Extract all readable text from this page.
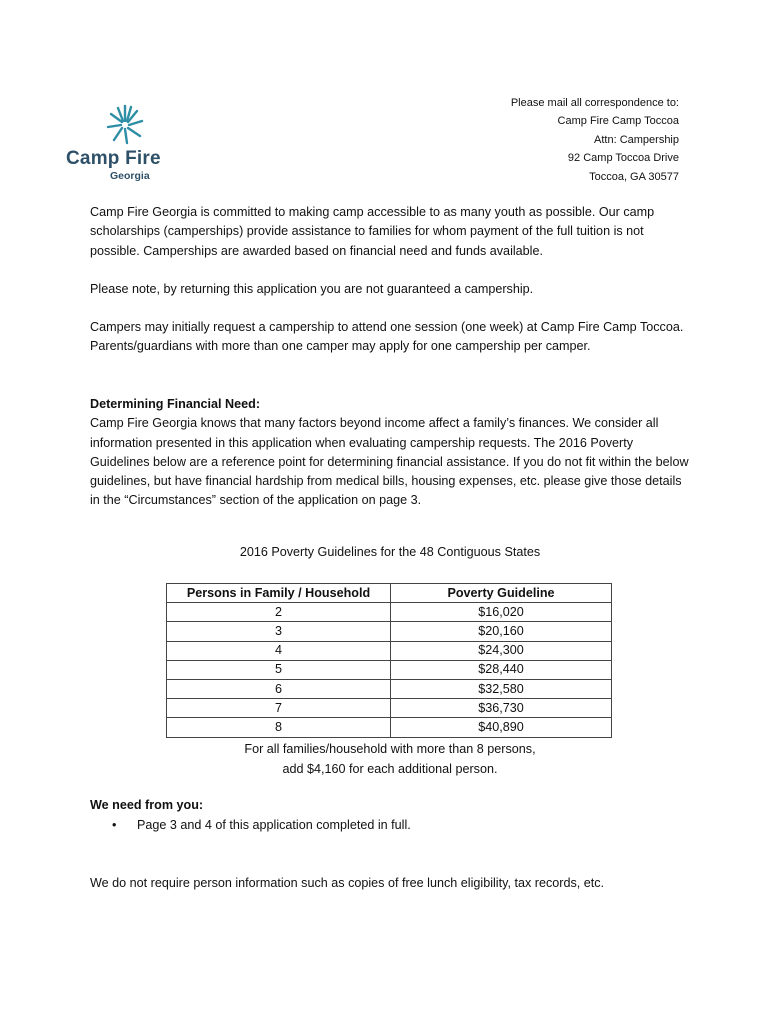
Camp Fire
Georgia
Please mail all correspondence to:
Camp Fire Camp Toccoa
Attn: Campership
92 Camp Toccoa Drive
Toccoa, GA 30577

Camp Fire Georgia is committed to making camp accessible to as many youth as possible. Our camp scholarships (camperships) provide assistance to families for whom payment of the full tuition is not possible. Camperships are awarded based on financial need and funds available.

Please note, by returning this application you are not guaranteed a campership.

Campers may initially request a campership to attend one session (one week) at Camp Fire Camp Toccoa. Parents/guardians with more than one camper may apply for one campership per camper.

Determining Financial Need:
Camp Fire Georgia knows that many factors beyond income affect a family’s finances. We consider all information presented in this application when evaluating campership requests. The 2016 Poverty Guidelines below are a reference point for determining financial assistance. If you do not fit within the below guidelines, but have financial hardship from medical bills, housing expenses, etc. please give those details in the “Circumstances” section of the application on page 3.
2016 Poverty Guidelines for the 48 Contiguous States
Persons in Family / Household	Poverty Guideline
2	$16,020
3	$20,160
4	$24,300
5	$28,440
6	$32,580
7	$36,730
8	$40,890
For all families/household with more than 8 persons,
add $4,160 for each additional person.
We need from you:
• Page 3 and 4 of this application completed in full.
We do not require person information such as copies of free lunch eligibility, tax records, etc.
